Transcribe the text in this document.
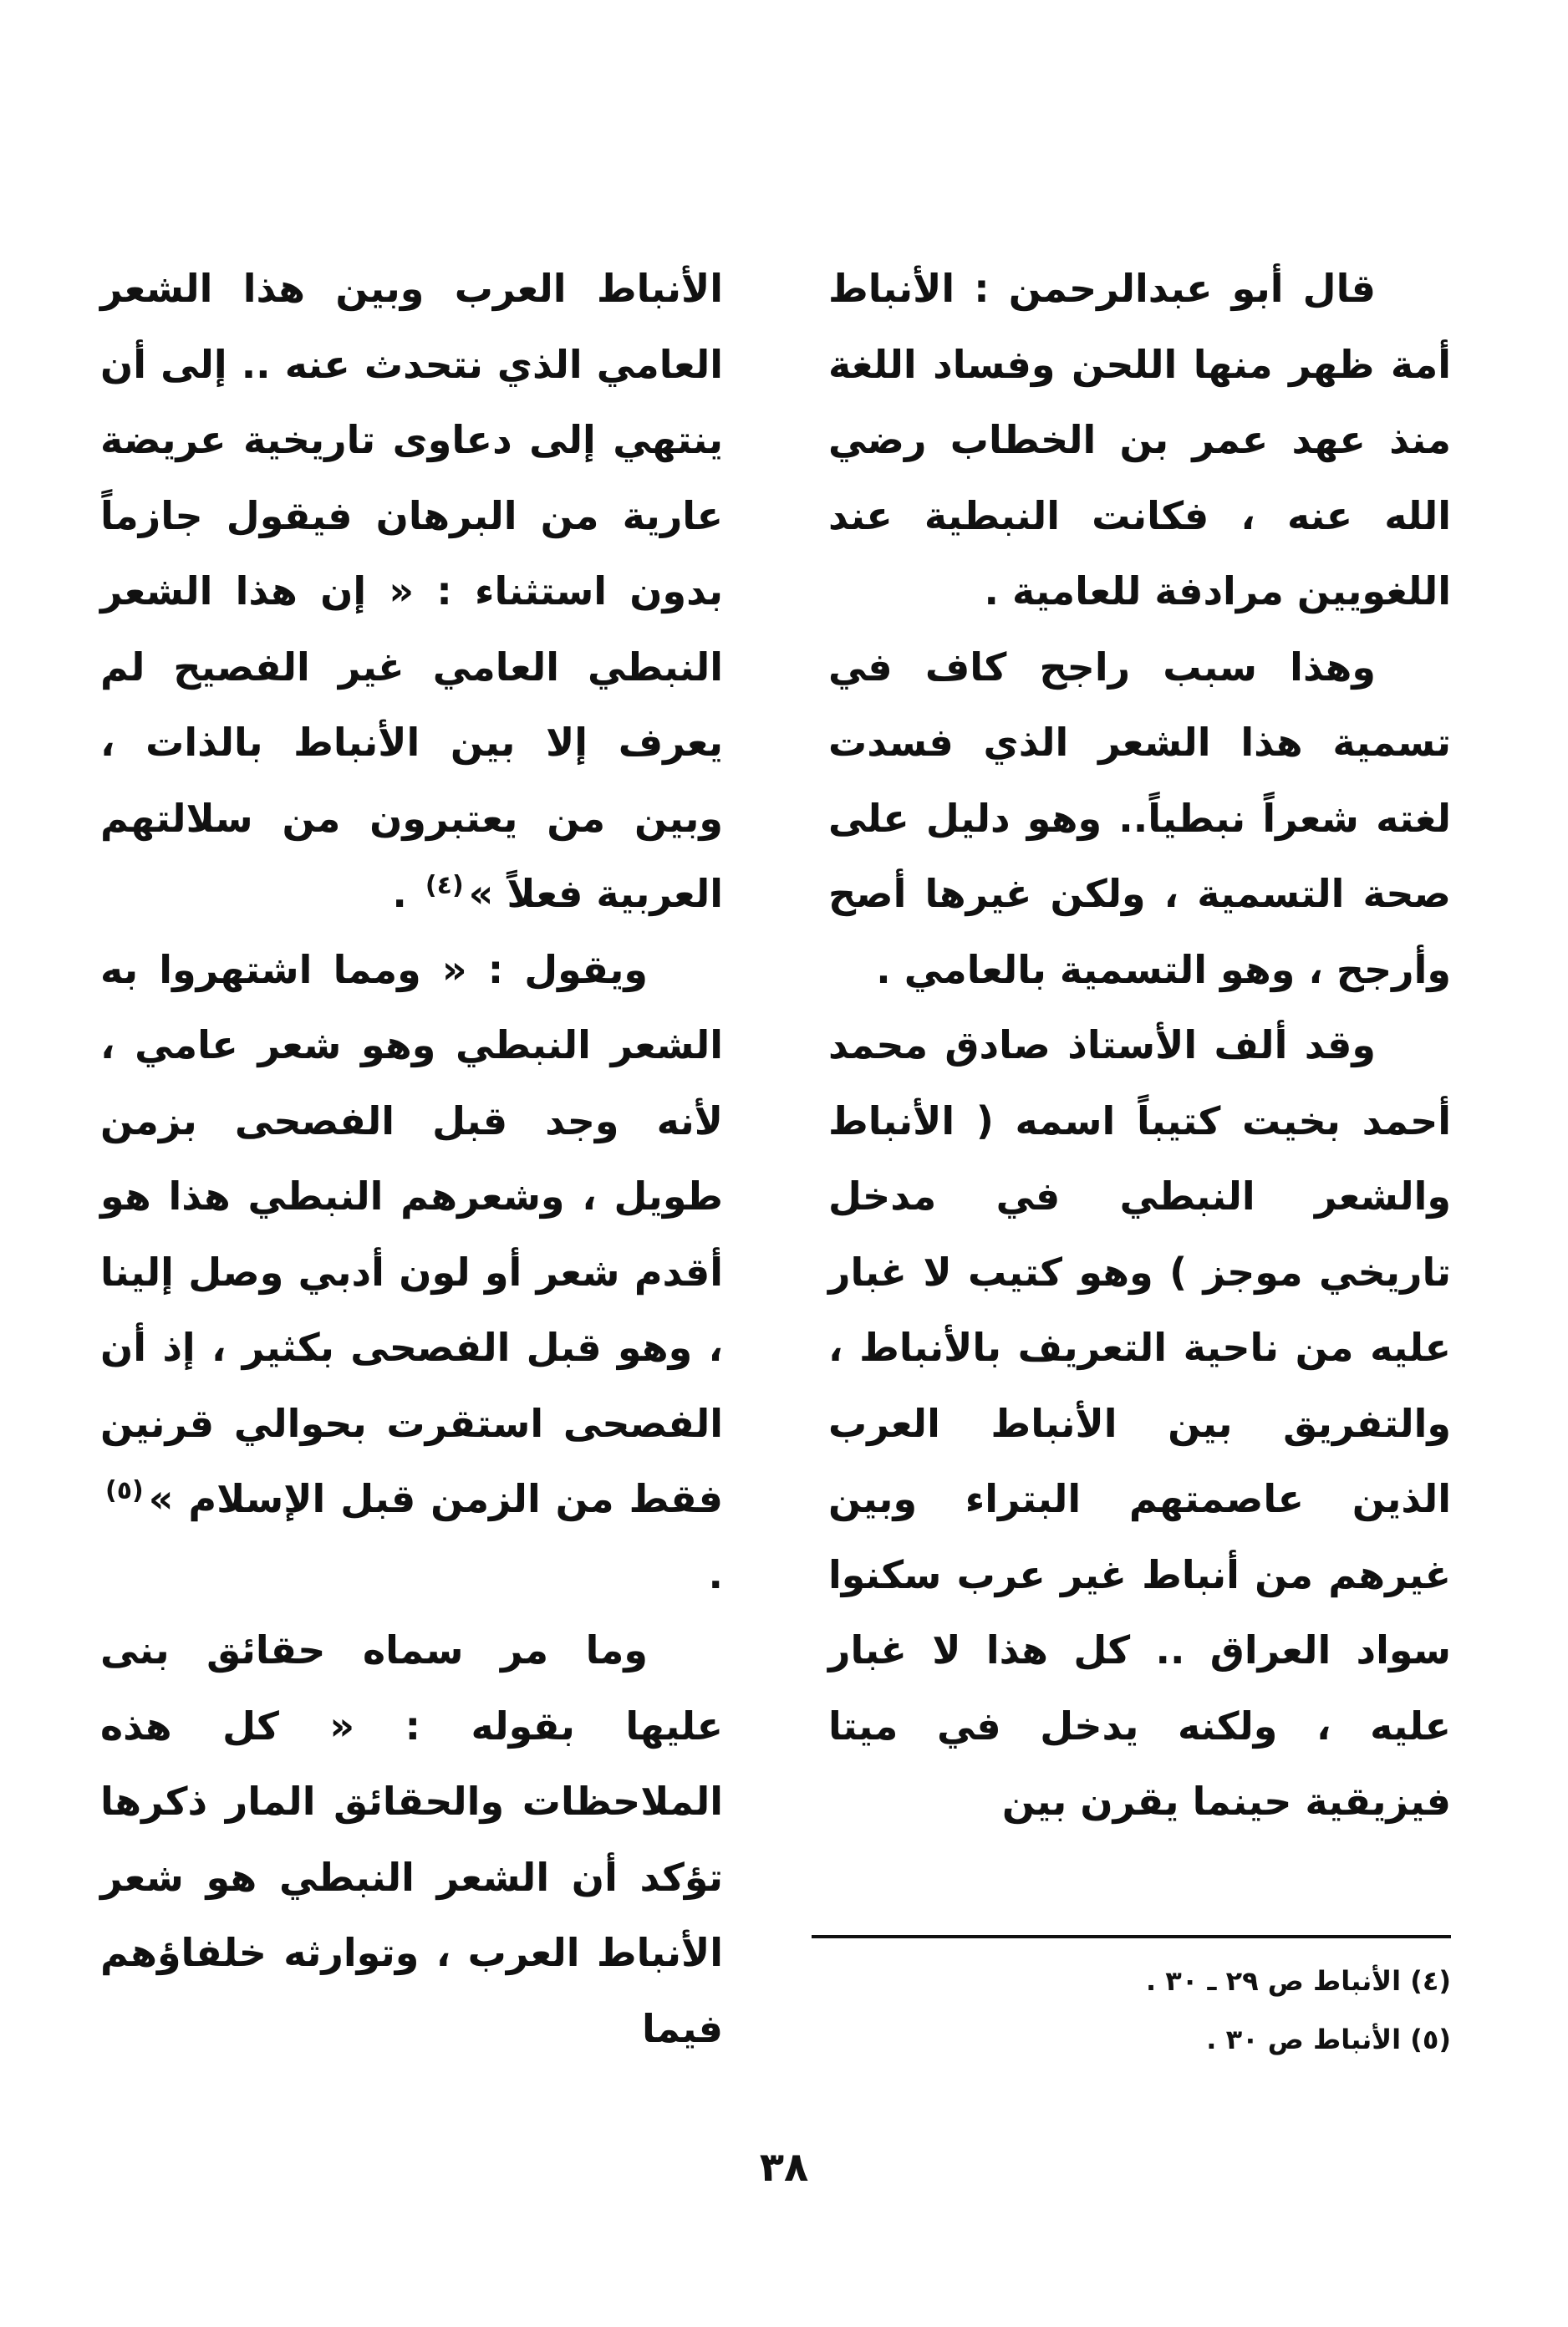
قال أبو عبدالرحمن : الأنباط أمة ظهر منها اللحن وفساد اللغة منذ عهد عمر بن الخطاب رضي الله عنه ، فكانت النبطية عند اللغويين مرادفة للعامية .

وهذا سبب راجح كاف في تسمية هذا الشعر الذي فسدت لغته شعراً نبطياً.. وهو دليل على صحة التسمية ، ولكن غيرها أصح وأرجح ، وهو التسمية بالعامي .

وقد ألف الأستاذ صادق محمد أحمد بخيت كتيباً اسمه ( الأنباط والشعر النبطي في مدخل تاريخي موجز ) وهو كتيب لا غبار عليه من ناحية التعريف بالأنباط ، والتفريق بين الأنباط العرب الذين عاصمتهم البتراء وبين غيرهم من أنباط غير عرب سكنوا سواد العراق .. كل هذا لا غبار عليه ، ولكنه يدخل في ميتا فيزيقية حينما يقرن بين

الأنباط العرب وبين هذا الشعر العامي الذي نتحدث عنه .. إلى أن ينتهي إلى دعاوى تاريخية عريضة عارية من البرهان فيقول جازماً بدون استثناء : « إن هذا الشعر النبطي العامي غير الفصيح لم يعرف إلا بين الأنباط بالذات ، وبين من يعتبرون من سلالتهم العربية فعلاً »$^{(٤)}$ .

ويقول : « ومما اشتهروا به الشعر النبطي وهو شعر عامي ، لأنه وجد قبل الفصحى بزمن طويل ، وشعرهم النبطي هذا هو أقدم شعر أو لون أدبي وصل إلينا ، وهو قبل الفصحى بكثير ، إذ أن الفصحى استقرت بحوالي قرنين فقط من الزمن قبل الإسلام »$^{(٥)}$ .

وما مر سماه حقائق بنى عليها بقوله : « كل هذه الملاحظات والحقائق المار ذكرها تؤكد أن الشعر النبطي هو شعر الأنباط العرب ، وتوارثه خلفاؤهم فيما

(٤) الأنباط ص ٢٩ ـ ٣٠ .

(٥) الأنباط ص ٣٠ .

٣٨
